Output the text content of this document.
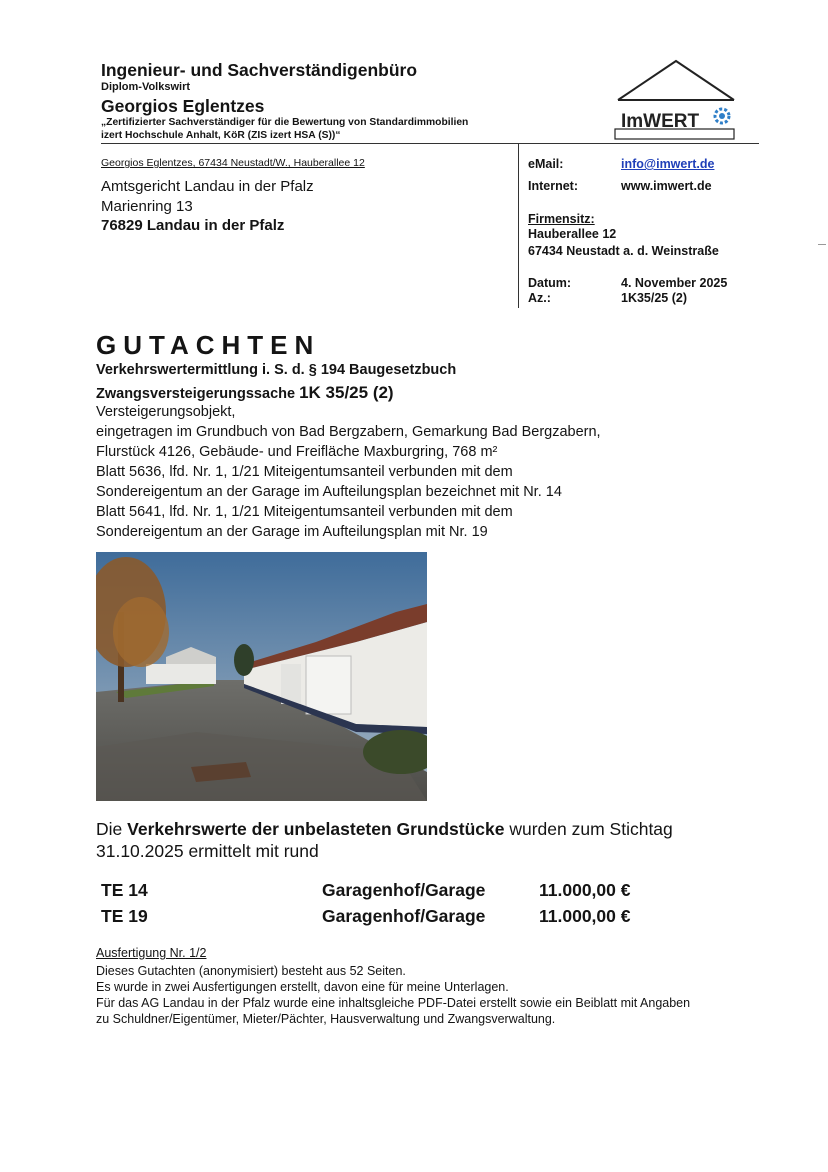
Ingenieur- und Sachverständigenbüro
Diplom-Volkswirt
Georgios Eglentzes
„Zertifizierter Sachverständiger für die Bewertung von Standardimmobilien
izert Hochschule Anhalt, KöR (ZIS izert HSA (S))“
ImWERT
Georgios Eglentzes, 67434 Neustadt/W., Hauberallee 12
Amtsgericht Landau in der Pfalz
Marienring 13
76829 Landau in der Pfalz
eMail:	info@imwert.de
Internet:	www.imwert.de
Firmensitz:
Hauberallee 12
67434 Neustadt a. d. Weinstraße
Datum:	4. November 2025
Az.:	1K35/25 (2)
GUTACHTEN
Verkehrswertermittlung i. S. d. § 194 Baugesetzbuch
Zwangsversteigerungssache 1K 35/25 (2)
Versteigerungsobjekt,
eingetragen im Grundbuch von Bad Bergzabern, Gemarkung Bad Bergzabern,
Flurstück 4126, Gebäude- und Freifläche Maxburgring, 768 m²
Blatt 5636, lfd. Nr. 1, 1/21 Miteigentumsanteil verbunden mit dem
Sondereigentum an der Garage im Aufteilungsplan bezeichnet mit Nr. 14
Blatt 5641, lfd. Nr. 1, 1/21 Miteigentumsanteil verbunden mit dem
Sondereigentum an der Garage im Aufteilungsplan mit Nr. 19
Die Verkehrswerte der unbelasteten Grundstücke wurden zum Stichtag
31.10.2025 ermittelt mit rund
TE 14	Garagenhof/Garage	11.000,00 €
TE 19	Garagenhof/Garage	11.000,00 €
Ausfertigung Nr. 1/2
Dieses Gutachten (anonymisiert) besteht aus 52 Seiten.
Es wurde in zwei Ausfertigungen erstellt, davon eine für meine Unterlagen.
Für das AG Landau in der Pfalz wurde eine inhaltsgleiche PDF-Datei erstellt sowie ein Beiblatt mit Angaben
zu Schuldner/Eigentümer, Mieter/Pächter, Hausverwaltung und Zwangsverwaltung.
